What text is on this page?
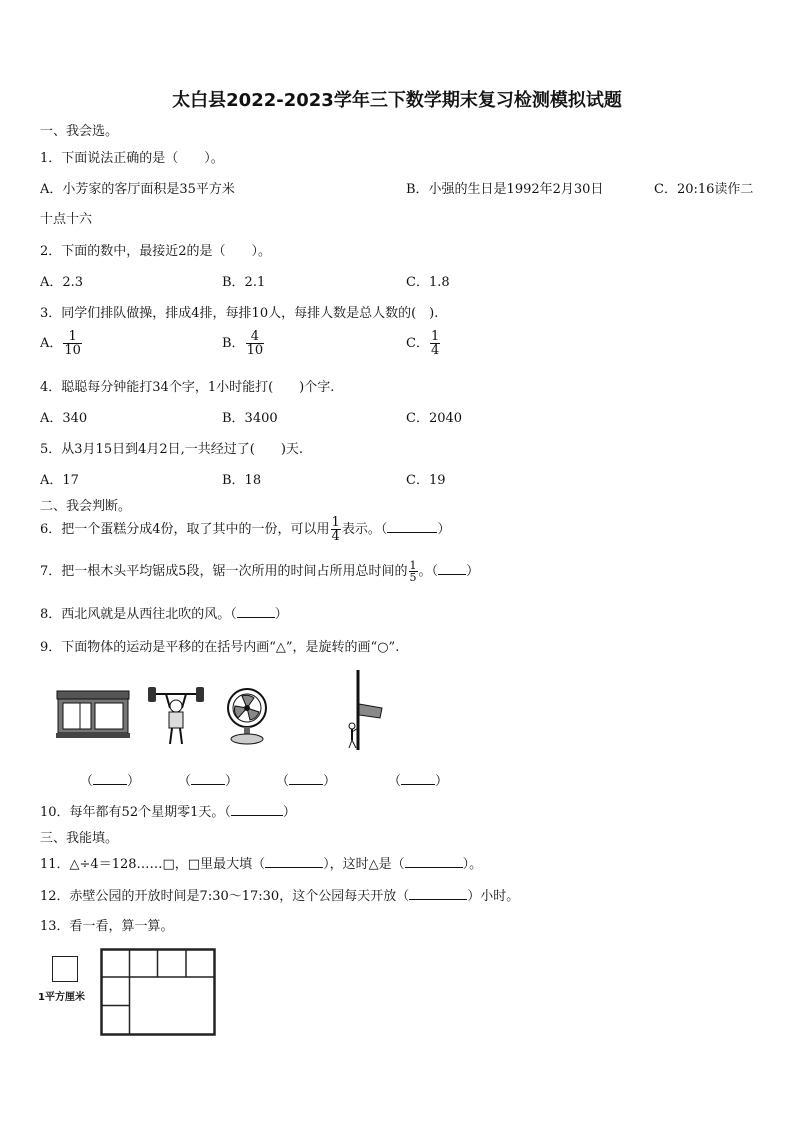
太白县2022-2023学年三下数学期末复习检测模拟试题
一、我会选。
1．下面说法正确的是（　　）。
A．小芳家的客厅面积是35平方米	B．小强的生日是1992年2月30日	C．20:16读作二
十点十六
2．下面的数中，最接近2的是（　　）。
A．2.3	B．2.1	C．1.8
3．同学们排队做操，排成4排，每排10人，每排人数是总人数的(　).
A． $\frac{1}{10}$	B． $\frac{4}{10}$	C． $\frac{1}{4}$
4．聪聪每分钟能打34个字，1小时能打(　　)个字.
A．340	B．3400	C．2040
5．从3月15日到4月2日,一共经过了(　　)天.
A．17	B．18	C．19
二、我会判断。
6．把一个蛋糕分成4份，取了其中的一份，可以用 $\frac{1}{4}$ 表示。（	）
7．把一根木头平均锯成5段，锯一次所用的时间占所用总时间的 $\frac{1}{5}$ 。（ ）
8．西北风就是从西往北吹的风。（	）
9．下面物体的运动是平移的在括号内画“△”，是旋转的画“○”.
（	）	（	）	（	）	（	）
10．每年都有52个星期零1天。（	）
三、我能填。
11．△÷4＝128……□，□里最大填（	），这时△是（	）。
12．赤壁公园的开放时间是7:30～17:30，这个公园每天开放（	）小时。
13．看一看，算一算。
1平方厘米
